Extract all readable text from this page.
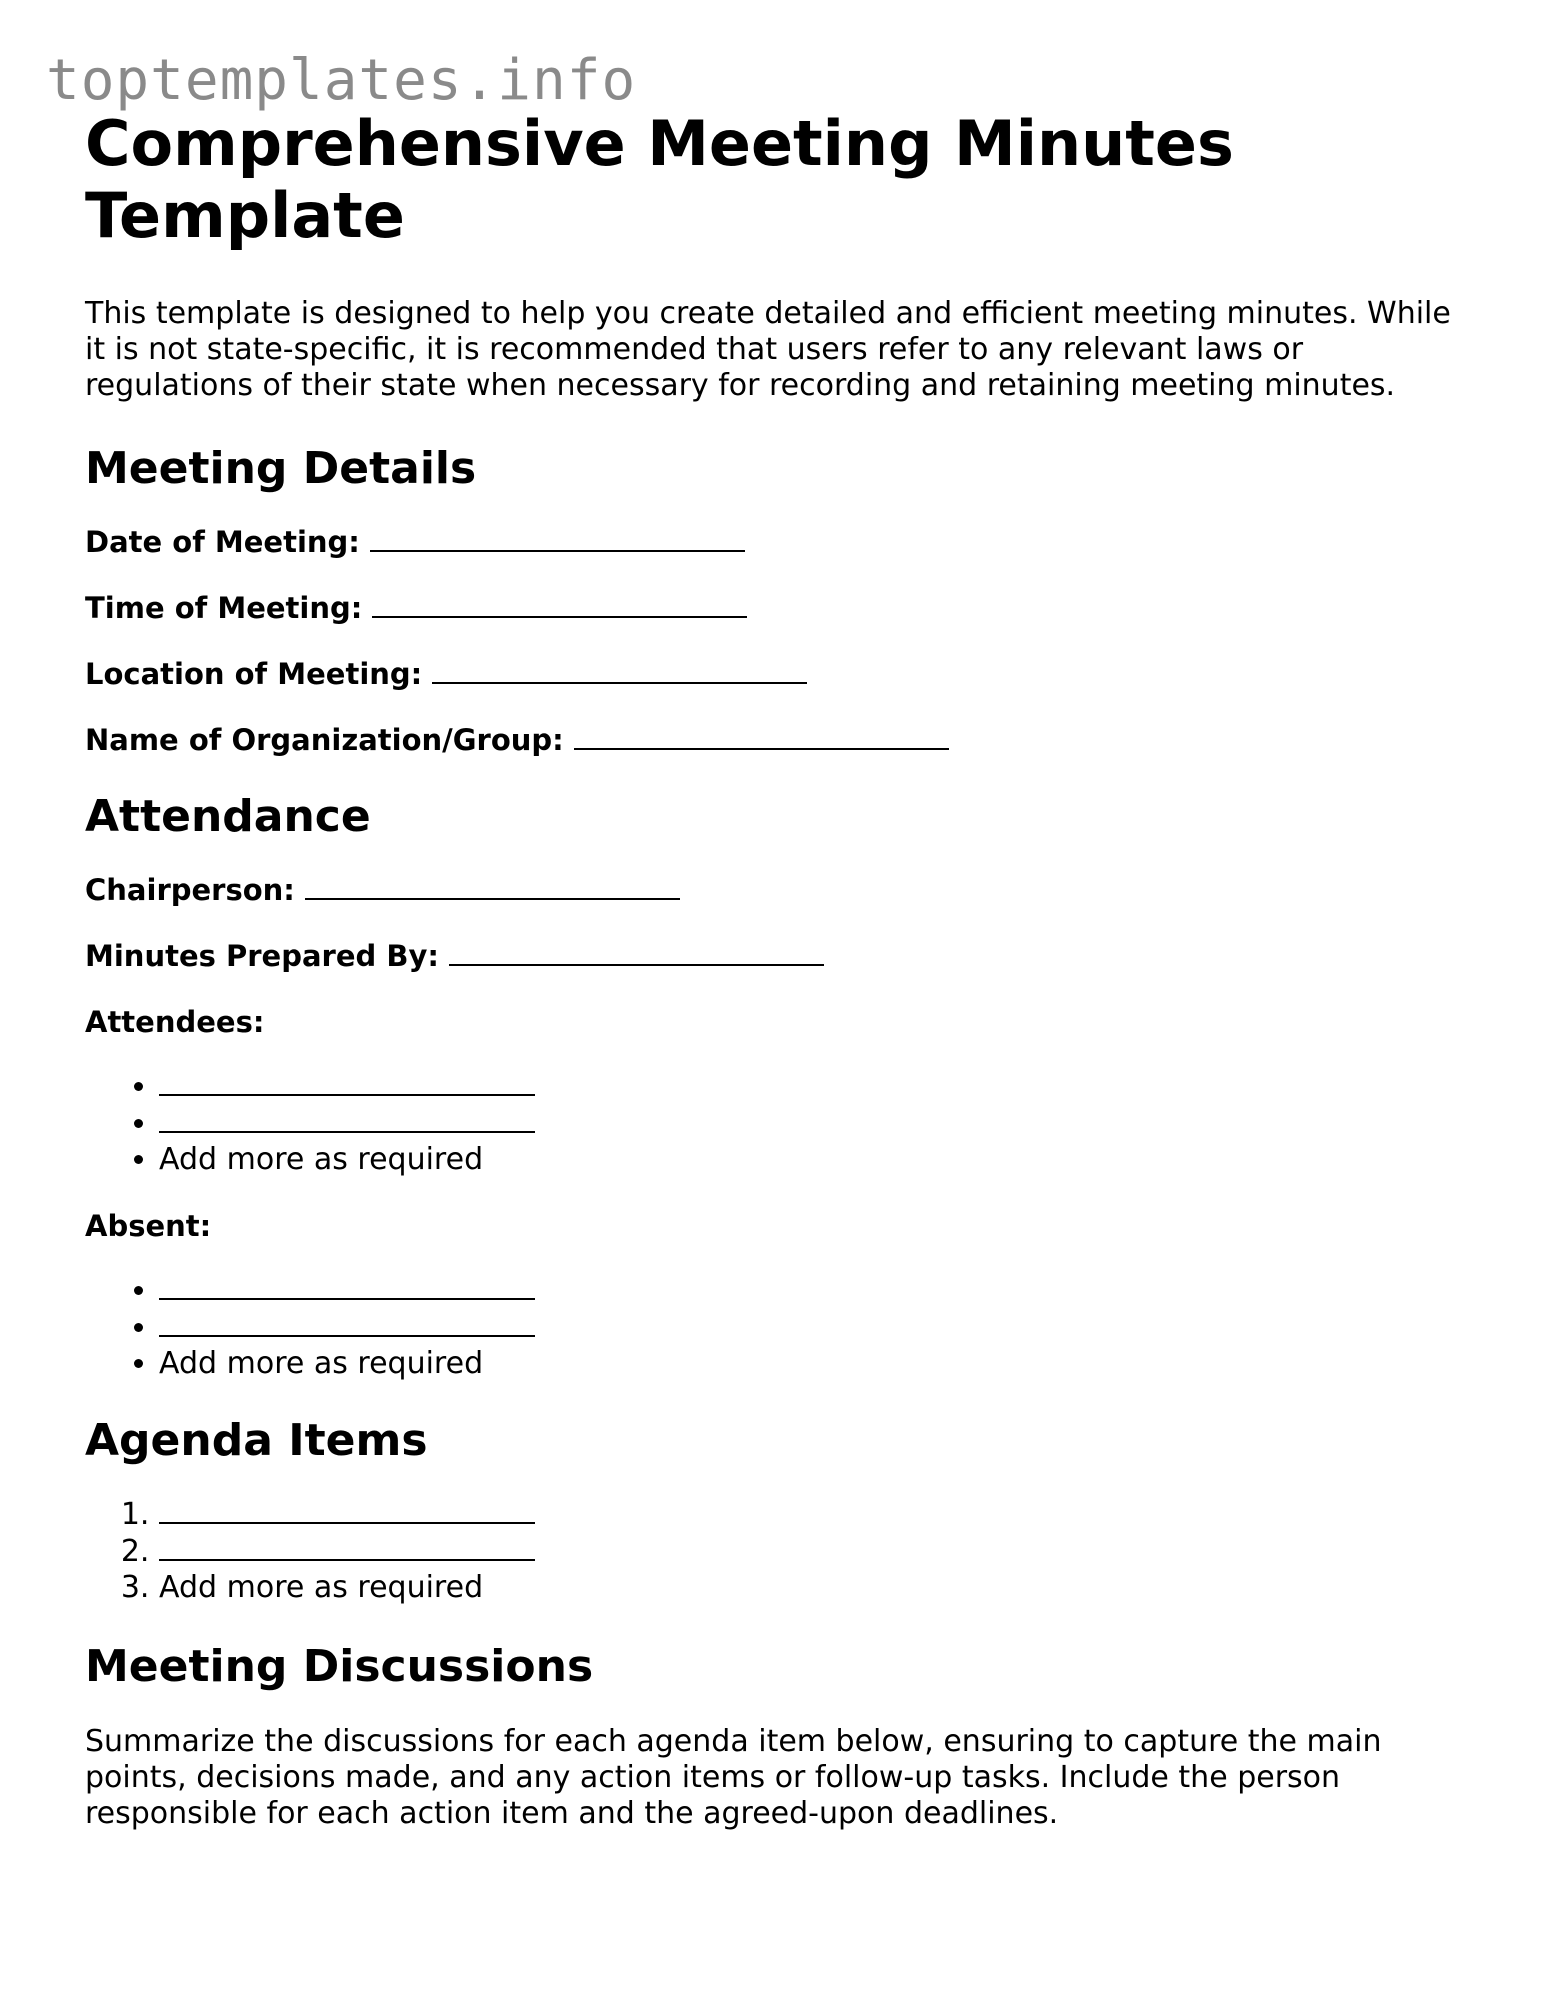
toptemplates.info
Comprehensive Meeting Minutes Template

This template is designed to help you create detailed and efficient meeting minutes. While it is not state-specific, it is recommended that users refer to any relevant laws or regulations of their state when necessary for recording and retaining meeting minutes.

Meeting Details
Date of Meeting:
Time of Meeting:
Location of Meeting:
Name of Organization/Group:
Attendance
Chairperson:
Minutes Prepared By:
Attendees:
•
•
• Add more as required
Absent:
•
•
• Add more as required
Agenda Items
1.
2.
3. Add more as required
Meeting Discussions

Summarize the discussions for each agenda item below, ensuring to capture the main points, decisions made, and any action items or follow-up tasks. Include the person responsible for each action item and the agreed-upon deadlines.
